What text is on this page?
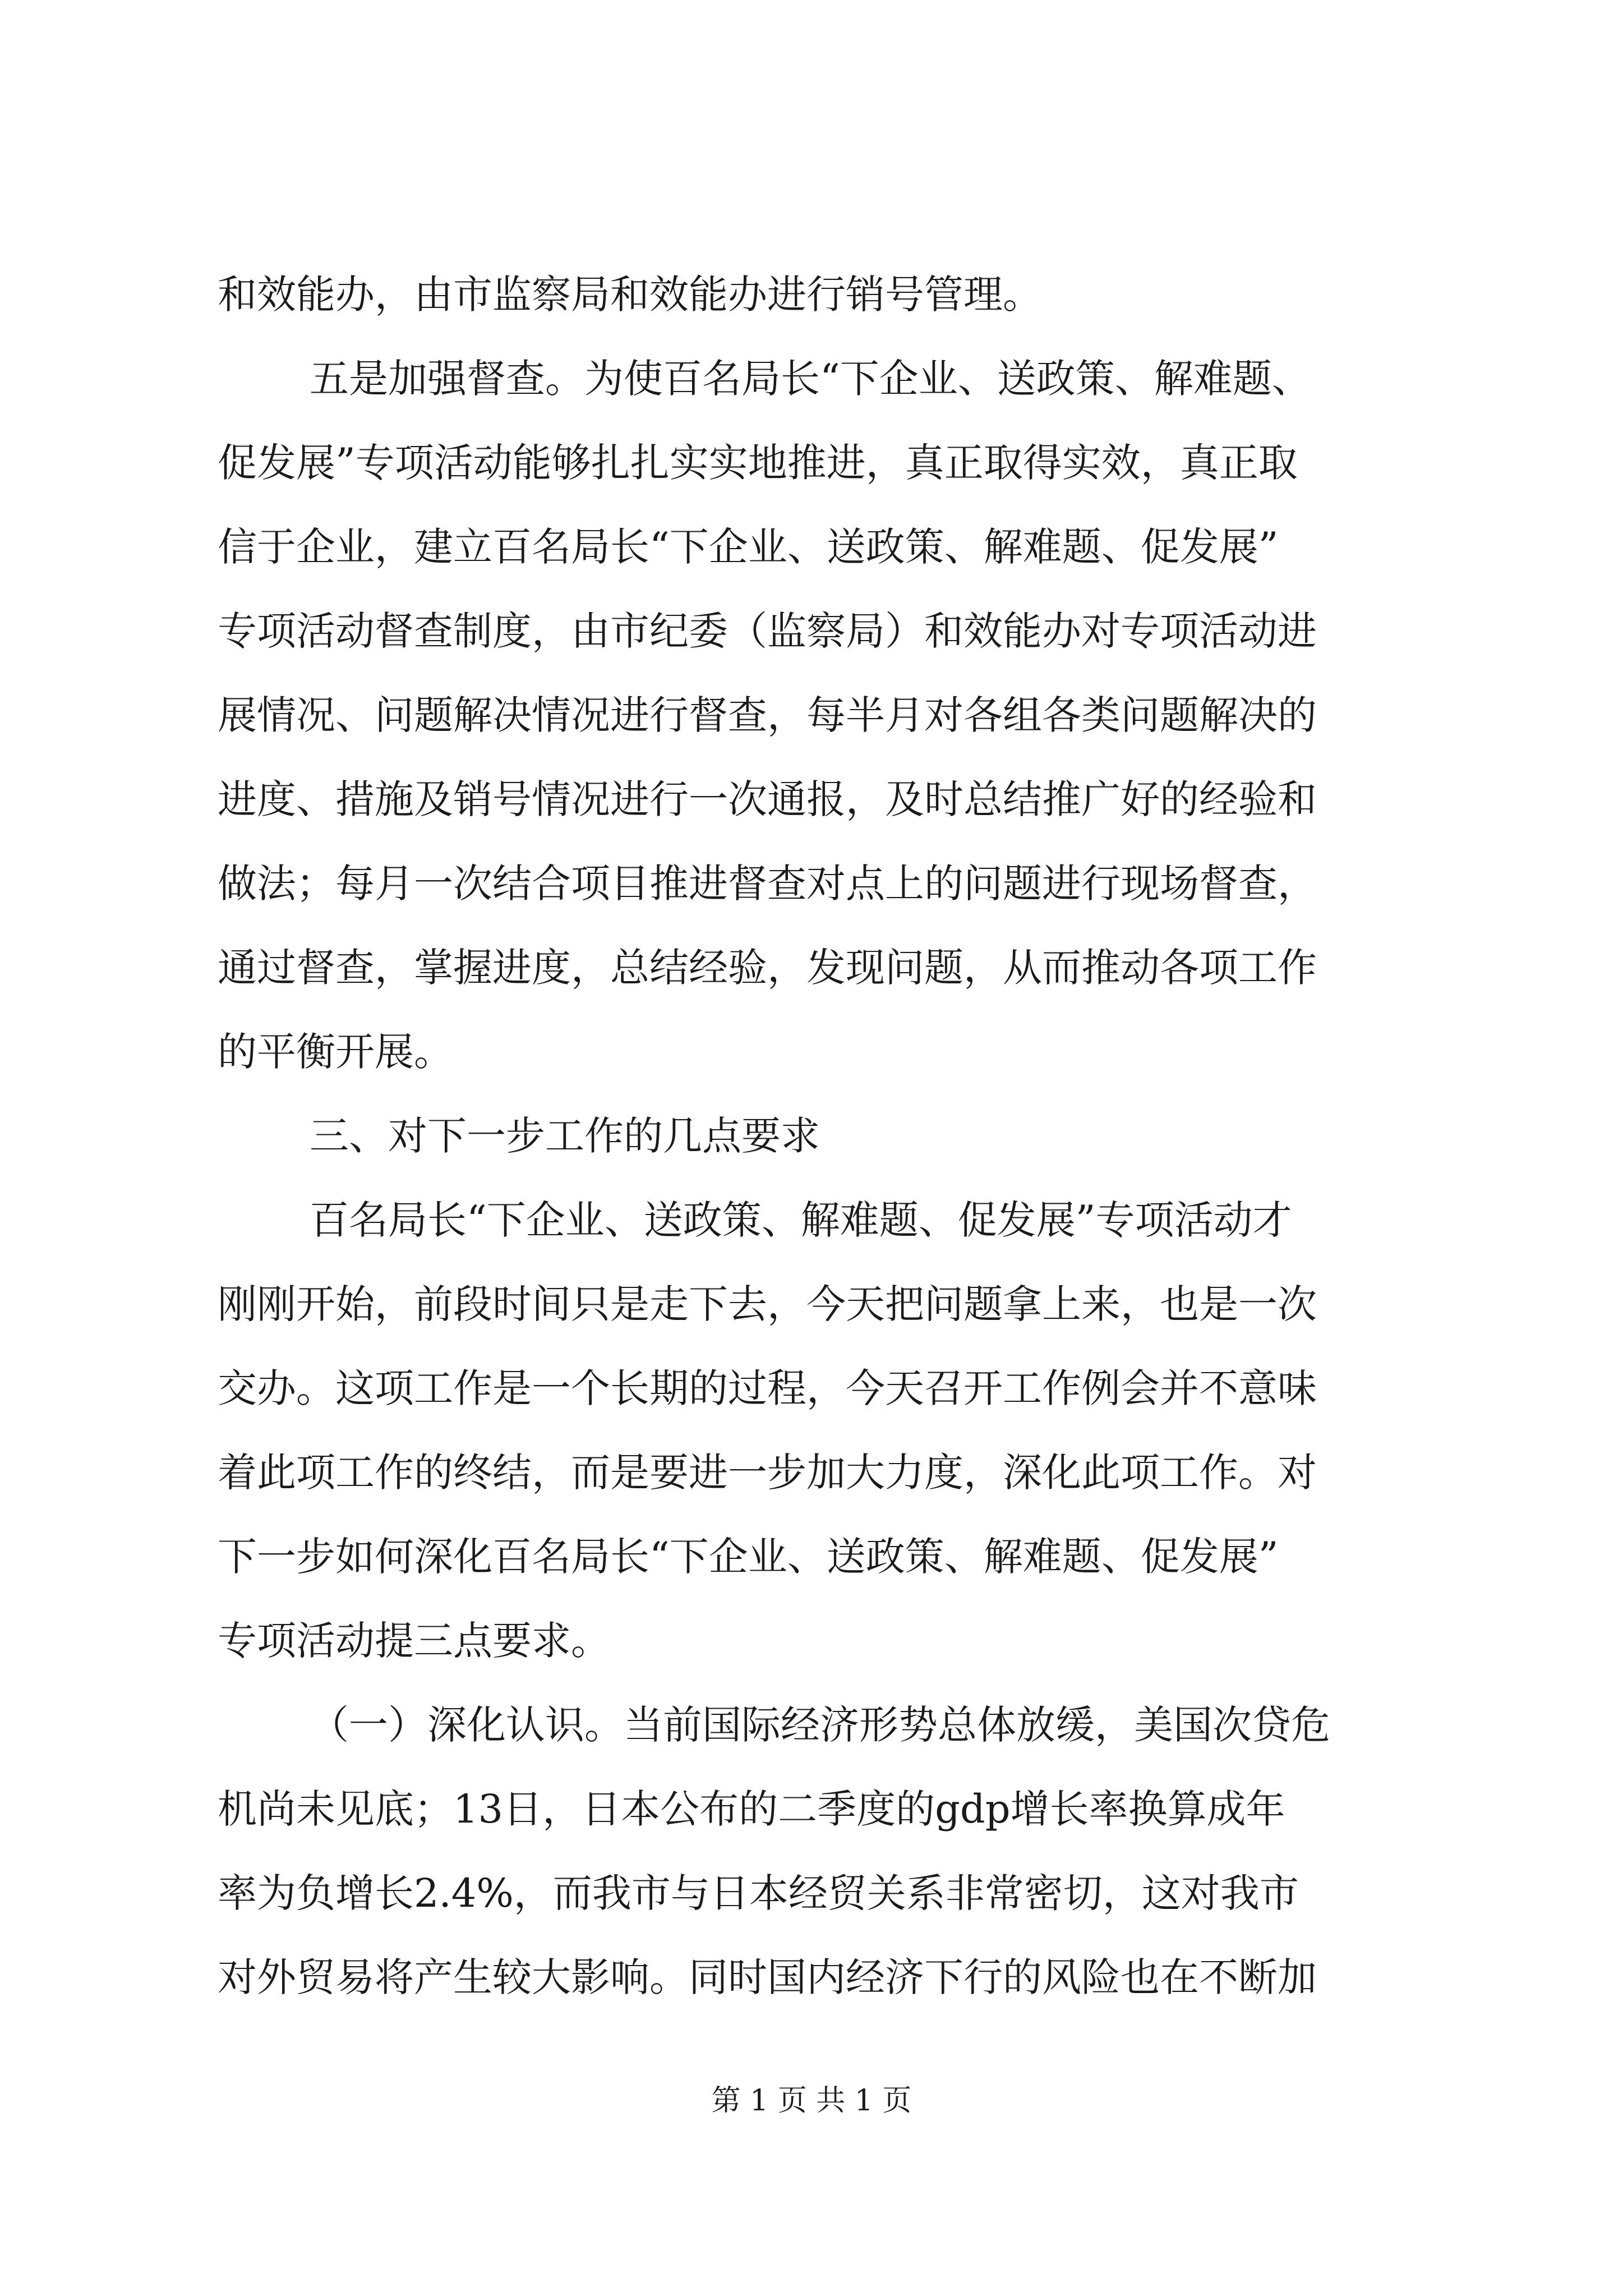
和效能办，由市监察局和效能办进行销号管理。
五是加强督查。为使百名局长“下企业、送政策、解难题、
促发展”专项活动能够扎扎实实地推进，真正取得实效，真正取
信于企业，建立百名局长“下企业、送政策、解难题、促发展”
专项活动督查制度，由市纪委（监察局）和效能办对专项活动进
展情况、问题解决情况进行督查，每半月对各组各类问题解决的
进度、措施及销号情况进行一次通报，及时总结推广好的经验和
做法；每月一次结合项目推进督查对点上的问题进行现场督查，
通过督查，掌握进度，总结经验，发现问题，从而推动各项工作
的平衡开展。
三、对下一步工作的几点要求
百名局长“下企业、送政策、解难题、促发展”专项活动才
刚刚开始，前段时间只是走下去，今天把问题拿上来，也是一次
交办。这项工作是一个长期的过程，今天召开工作例会并不意味
着此项工作的终结，而是要进一步加大力度，深化此项工作。对
下一步如何深化百名局长“下企业、送政策、解难题、促发展”
专项活动提三点要求。
（一）深化认识。当前国际经济形势总体放缓，美国次贷危
机尚未见底；13日，日本公布的二季度的gdp增长率换算成年
率为负增长2.4%，而我市与日本经贸关系非常密切，这对我市
对外贸易将产生较大影响。同时国内经济下行的风险也在不断加
第 1 页 共 1 页
